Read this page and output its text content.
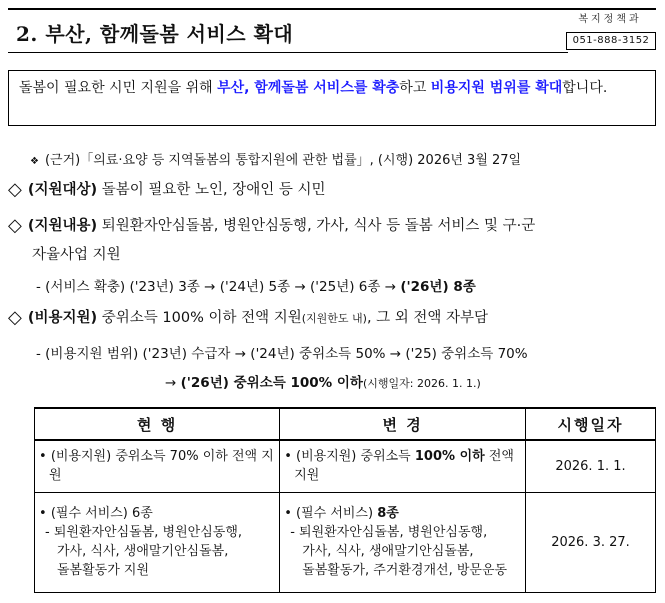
2. 부산, 함께돌봄 서비스 확대
복지정책과
051-888-3152
돌봄이 필요한 시민 지원을 위해 부산, 함께돌봄 서비스를 확충하고 비용지원 범위를 확대합니다.
❖ (근거)「의료·요양 등 지역돌봄의 통합지원에 관한 법률」, (시행) 2026년 3월 27일
◇ (지원대상) 돌봄이 필요한 노인, 장애인 등 시민
◇ (지원내용) 퇴원환자안심돌봄, 병원안심동행, 가사, 식사 등 돌봄 서비스 및 구·군
자율사업 지원
- (서비스 확충) ('23년) 3종 → ('24년) 5종 → ('25년) 6종 → ('26년) 8종
◇ (비용지원) 중위소득 100% 이하 전액 지원(지원한도 내), 그 외 전액 자부담
- (비용지원 범위) ('23년) 수급자 → ('24년) 중위소득 50% → ('25) 중위소득 70%
→ ('26년) 중위소득 100% 이하(시행일자: 2026. 1. 1.)
현 행	변 경	시행일자

• (비용지원) 중위소득 70% 이하 전액 지원	• (비용지원) 중위소득 100% 이하 전액 지원	2026. 1. 1.

• (필수 서비스) 6종
- 퇴원환자안심돌봄, 병원안심동행,
가사, 식사, 생애말기안심돌봄,
돌봄활동가 지원	• (필수 서비스) 8종
- 퇴원환자안심돌봄, 병원안심동행,
가사, 식사, 생애말기안심돌봄,
돌봄활동가, 주거환경개선, 방문운동	2026. 3. 27.
